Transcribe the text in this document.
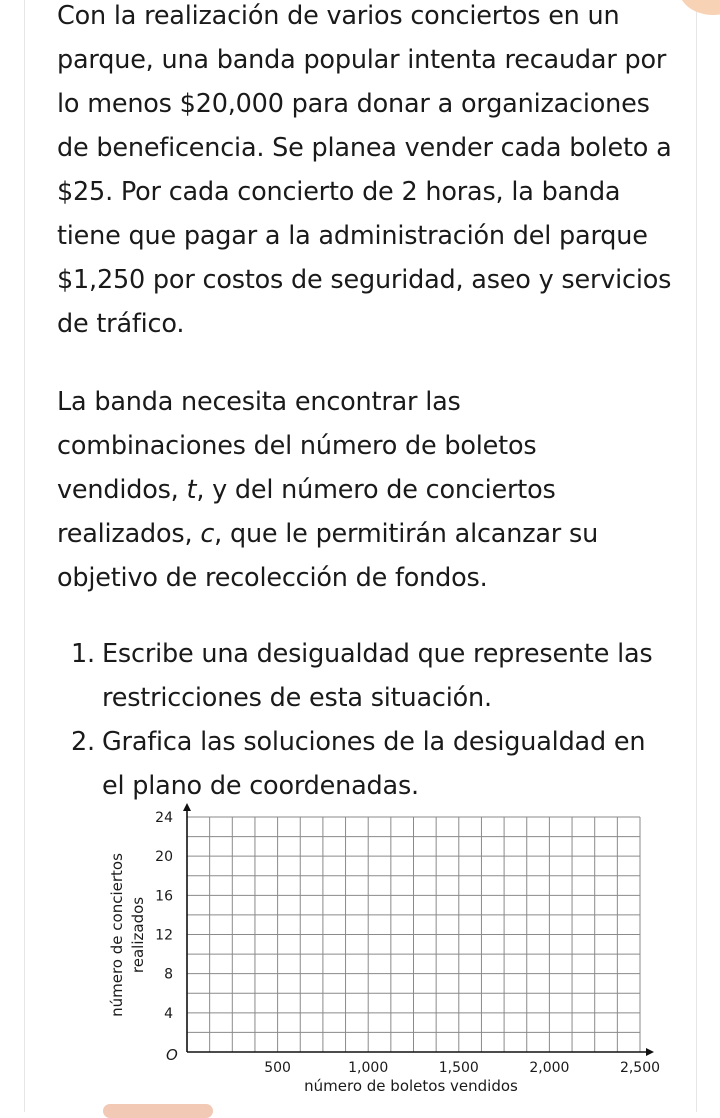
Con la realización de varios conciertos en un parque, una banda popular intenta recaudar por lo menos $20,000 para donar a organizaciones de beneficencia. Se planea vender cada boleto a $25. Por cada concierto de 2 horas, la banda tiene que pagar a la administración del parque $1,250 por costos de seguridad, aseo y servicios de tráfico.

La banda necesita encontrar las combinaciones del número de boletos vendidos, t, y del número de conciertos realizados, c, que le permitirán alcanzar su objetivo de recolección de fondos.

1. Escribe una desigualdad que represente las restricciones de esta situación.
2. Grafica las soluciones de la desigualdad en el plano de coordenadas.
500	1,000	1,500	2,000	2,500
4
8
12
16
20
24
número de conciertos realizados
número de boletos vendidos
O
